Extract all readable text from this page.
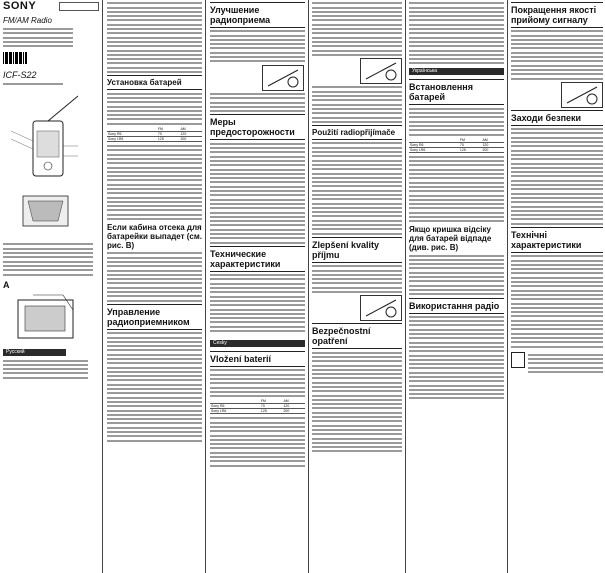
SONY
FM/AM Radio
ICF-S22
A
Русский
Установка батарей
	FM	AM
Sony R6	70	120
Sony LR6	125	200
Если кабина отсека для батарейки выпадет (см. рис. B)
Управление радиоприемником
Улучшение радиоприема
Меры предосторожности
Технические характеристики
Česky
Vložení baterií
	FM	AM
Sony R6	70	120
Sony LR6	125	200
Použití radiopřijímače
Zlepšení kvality příjmu
Bezpečnostní opatření
Українська
Встановлення батарей
	FM	AM
Sony R6	70	120
Sony LR6	125	200
Якщо кришка відсіку для батарей відпаде (див. рис. B)
Використання радіо
Покращення якості прийому сигналу
Заходи безпеки
Технічні характеристики
